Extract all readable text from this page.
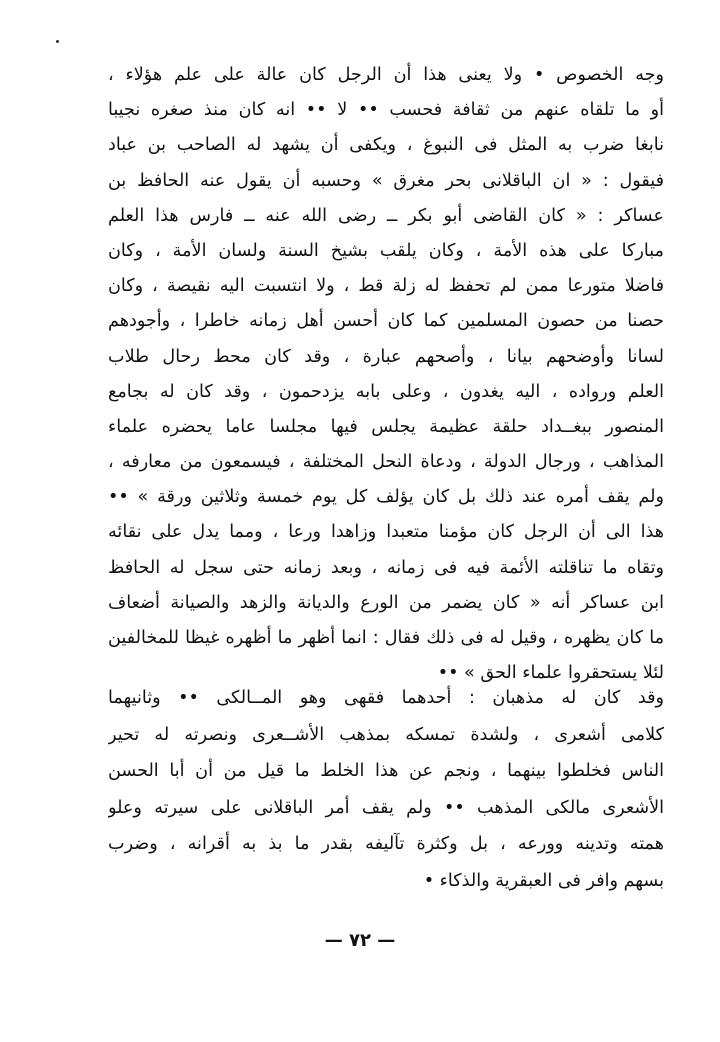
وجه الخصوص • ولا يعنى هذا أن الرجل كان عالة على علم هؤلاء ،
أو ما تلقاه عنهم من ثقافة فحسب •• لا •• انه كان منذ صغره نجيبا
نابغا ضرب به المثل فى النبوغ ، ويكفى أن يشهد له الصاحب بن عباد
فيقول : « ان الباقلانى بحر مغرق » وحسبه أن يقول عنه الحافظ بن
عساكر : « كان القاضى أبو بكر ــ رضى الله عنه ــ فارس هذا العلم
مباركا على هذه الأمة ، وكان يلقب بشيخ السنة ولسان الأمة ، وكان
فاضلا متورعا ممن لم تحفظ له زلة قط ، ولا انتسبت اليه نقيصة ، وكان
حصنا من حصون المسلمين كما كان أحسن أهل زمانه خاطرا ، وأجودهم
لسانا وأوضحهم بيانا ، وأصحهم عبارة ، وقد كان محط رحال طلاب
العلم ورواده ، اليه يغدون ، وعلى بابه يزدحمون ، وقد كان له بجامع
المنصور ببغــداد حلقة عظيمة يجلس فيها مجلسا عاما يحضره علماء
المذاهب ، ورجال الدولة ، ودعاة النحل المختلفة ، فيسمعون من معارفه ،
ولم يقف أمره عند ذلك بل كان يؤلف كل يوم خمسة وثلاثين ورقة » ••
هذا الى أن الرجل كان مؤمنا متعبدا وزاهدا ورعا ، ومما يدل على نقائه
وتقاه ما تناقلته الأئمة فيه فى زمانه ، وبعد زمانه حتى سجل له الحافظ
ابن عساكر أنه « كان يضمر من الورع والديانة والزهد والصيانة أضعاف
ما كان يظهره ، وقيل له فى ذلك فقال : انما أظهر ما أظهره غيظا للمخالفين
لئلا يستحقروا علماء الحق » ••
وقد كان له مذهبان : أحدهما فقهى وهو المــالكى •• وثانيهما
كلامى أشعرى ، ولشدة تمسكه بمذهب الأشــعرى ونصرته له تحير
الناس فخلطوا بينهما ، ونجم عن هذا الخلط ما قيل من أن أبا الحسن
الأشعرى مالكى المذهب •• ولم يقف أمر الباقلانى على سيرته وعلو
همته وتدينه وورعه ، بل وكثرة تآليفه بقدر ما بذ به أقرانه ، وضرب
بسهم وافر فى العبقرية والذكاء •
— ٧٢ —
